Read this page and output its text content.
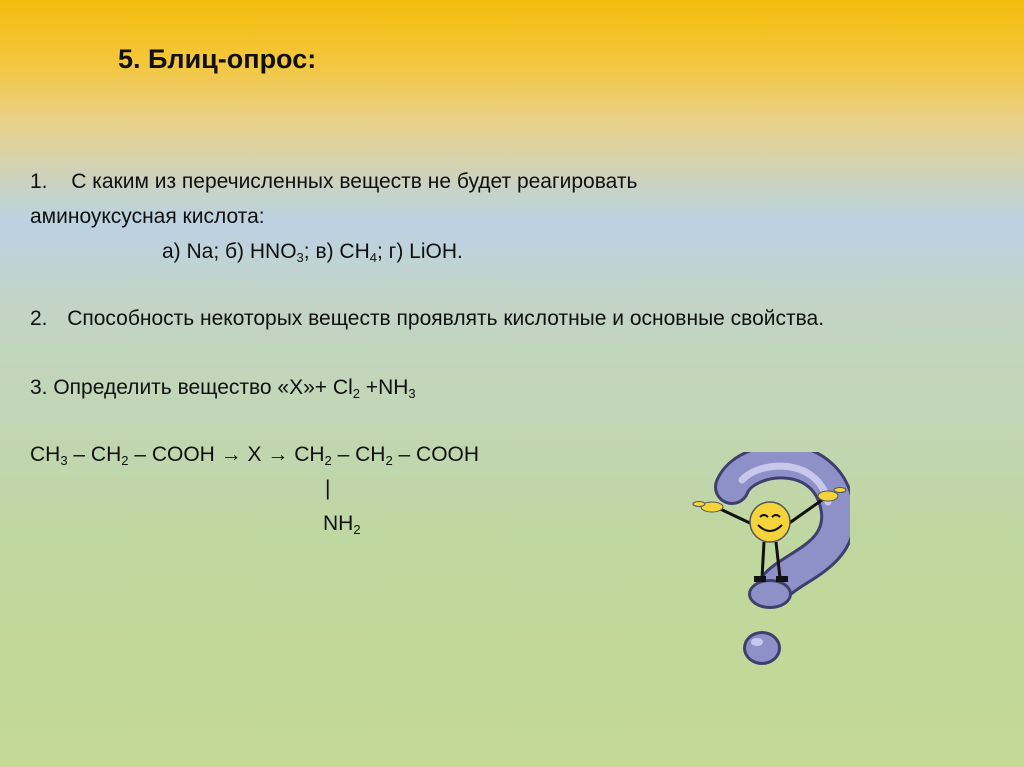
5. Блиц-опрос:
1. С каким из перечисленных веществ не будет реагировать
аминоуксусная кислота:
а) Na; б) $HNO_3$; в) $CH_4$; г) LiOH.
2. Способность некоторых веществ проявлять кислотные и основные свойства.
3. Определить вещество «Х»+ $Cl_2 +NH_3$
$CH_3 - CH_2$ – COOH → $X \to CH_2 - CH_2$ – COOH
|
$NH_2$
